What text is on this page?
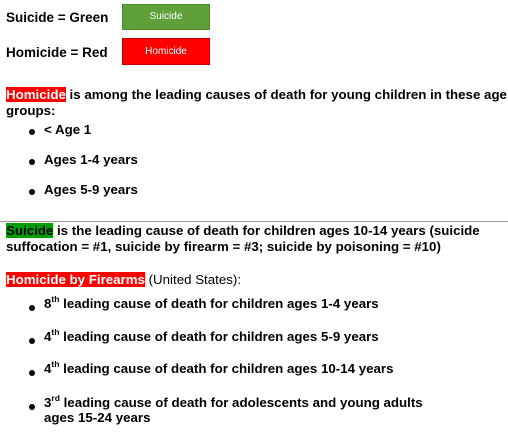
Suicide = Green	Suicide
Homicide = Red	Homicide
Homicide is among the leading causes of death for young children in these age
groups:
< Age 1
Ages 1-4 years
Ages 5-9 years
Suicide is the leading cause of death for children ages 10-14 years (suicide
suffocation = #1, suicide by firearm = #3; suicide by poisoning = #10)
Homicide by Firearms (United States):
8th leading cause of death for children ages 1-4 years
4th leading cause of death for children ages 5-9 years
4th leading cause of death for children ages 10-14 years
3rd leading cause of death for adolescents and young adults
ages 15-24 years
